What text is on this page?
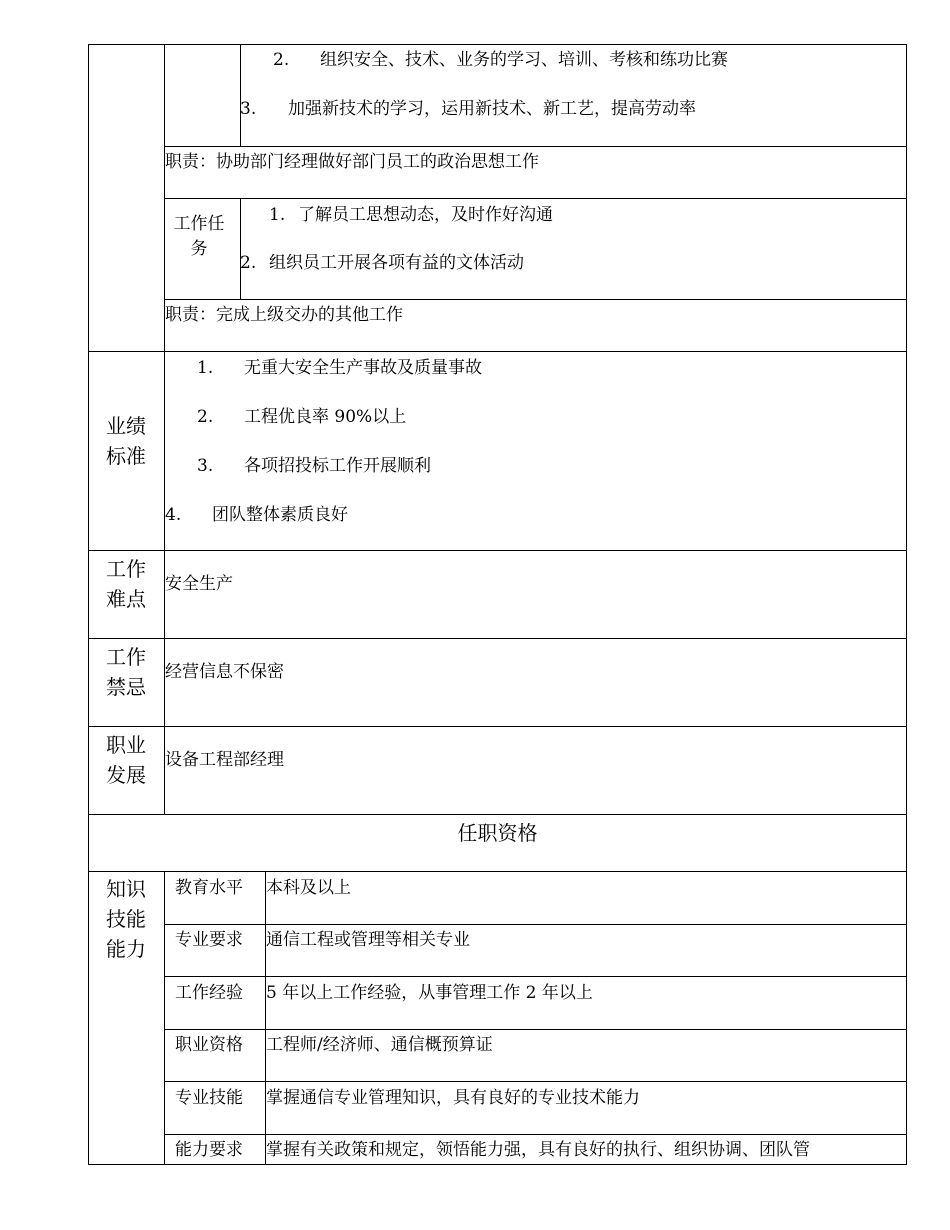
2. 组织安全、技术、业务的学习、培训、考核和练功比赛
3. 加强新技术的学习，运用新技术、新工艺，提高劳动率
职责：协助部门经理做好部门员工的政治思想工作
工作任
务
1. 了解员工思想动态，及时作好沟通
2. 组织员工开展各项有益的文体活动
职责：完成上级交办的其他工作
业绩
标准
1. 无重大安全生产事故及质量事故
2. 工程优良率 90%以上
3. 各项招投标工作开展顺利
4. 团队整体素质良好
工作
难点
安全生产
工作
禁忌
经营信息不保密
职业
发展
设备工程部经理
任职资格
知识
技能
能力
教育水平 本科及以上
专业要求 通信工程或管理等相关专业
工作经验 5 年以上工作经验，从事管理工作 2 年以上
职业资格 工程师/经济师、通信概预算证
专业技能 掌握通信专业管理知识，具有良好的专业技术能力
能力要求 掌握有关政策和规定，领悟能力强，具有良好的执行、组织协调、团队管
